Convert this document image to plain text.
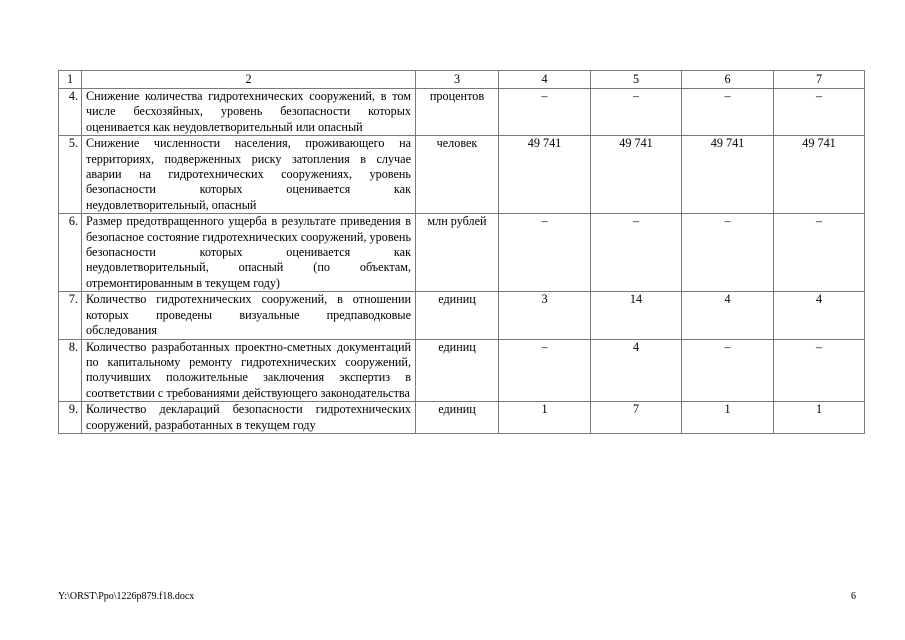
1	2	3	4	5	6	7
4.	Снижение количества гидротехнических сооружений, в том числе бесхозяйных, уровень безопасности которых оценивается как неудовлетворительный или опасный	процентов	–	–	–	–
5.	Снижение численности населения, проживающего на территориях, подверженных риску затопления в случае аварии на гидротехнических сооружениях, уровень безопасности которых оценивается как неудовлетворительный, опасный	человек	49 741	49 741	49 741	49 741
6.	Размер предотвращенного ущерба в результате приведения в безопасное состояние гидротехнических сооружений, уровень безопасности которых оценивается как неудовлетворительный, опасный (по объектам, отремонтированным в текущем году)	млн рублей	–	–	–	–
7.	Количество гидротехнических сооружений, в отношении которых проведены визуальные предпаводковые обследования	единиц	3	14	4	4
8.	Количество разработанных проектно-сметных документаций по капитальному ремонту гидротехнических сооружений, получивших положительные заключения экспертиз в соответствии с требованиями действующего законодательства	единиц	–	4	–	–
9.	Количество деклараций безопасности гидротехнических сооружений, разработанных в текущем году	единиц	1	7	1	1
Y:\ORST\Ppo\1226p879.f18.docx	6
